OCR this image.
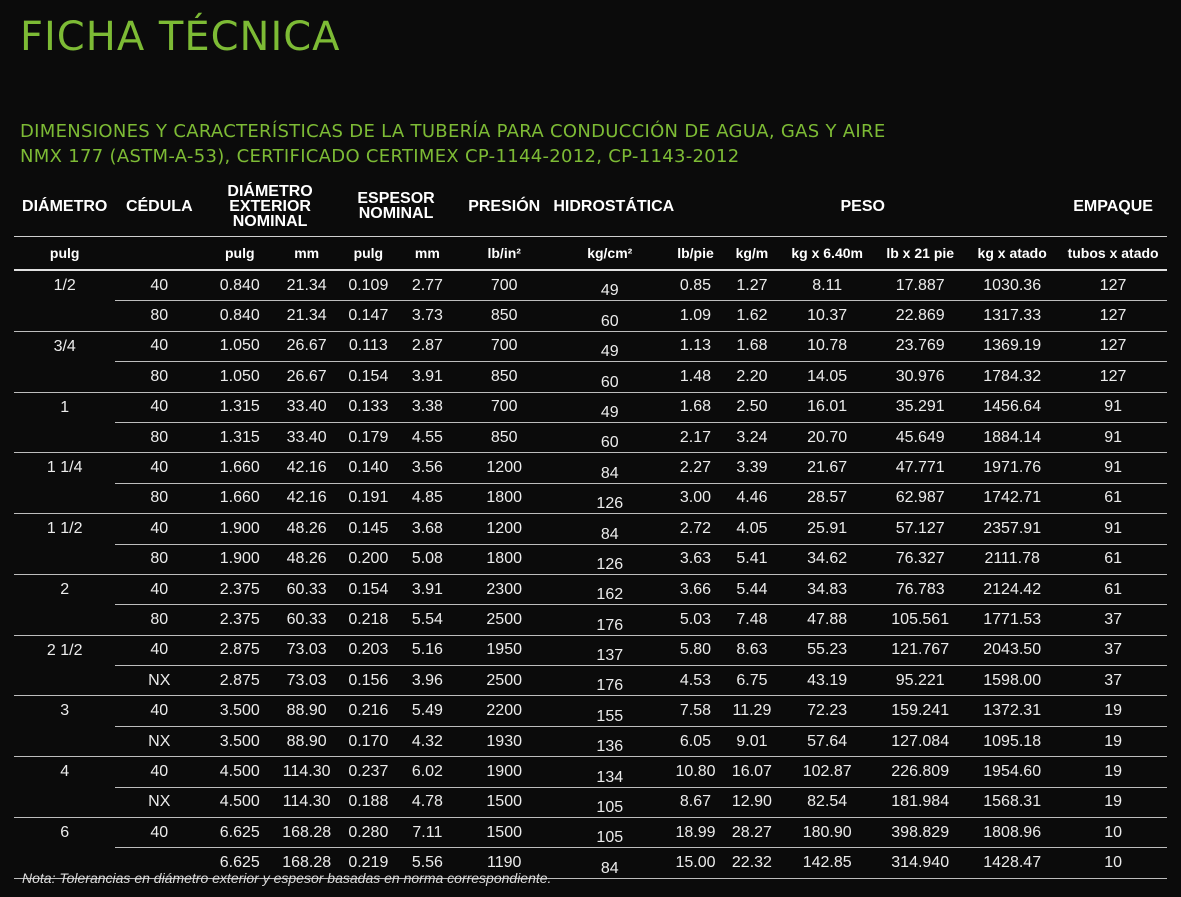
FICHA TÉCNICA
DIMENSIONES Y CARACTERÍSTICAS DE LA TUBERÍA PARA CONDUCCIÓN DE AGUA, GAS Y AIRE
NMX 177 (ASTM-A-53), CERTIFICADO CERTIMEX CP-1144-2012, CP-1143-2012
DIÁMETRO	CÉDULA	DIÁMETRO EXTERIOR NOMINAL		ESPESOR NOMINAL		PRESIÓN	HIDROSTÁTICA	PESO					EMPAQUE
pulg		pulg	mm	pulg	mm	lb/in²	kg/cm²	lb/pie	kg/m	kg x 6.40m	lb x 21 pie	kg x atado	tubos x atado
1/2	40	0.840	21.34	0.109	2.77	700	49	0.85	1.27	8.11	17.887	1030.36	127
	80	0.840	21.34	0.147	3.73	850	60	1.09	1.62	10.37	22.869	1317.33	127
3/4	40	1.050	26.67	0.113	2.87	700	49	1.13	1.68	10.78	23.769	1369.19	127
	80	1.050	26.67	0.154	3.91	850	60	1.48	2.20	14.05	30.976	1784.32	127
1	40	1.315	33.40	0.133	3.38	700	49	1.68	2.50	16.01	35.291	1456.64	91
	80	1.315	33.40	0.179	4.55	850	60	2.17	3.24	20.70	45.649	1884.14	91
1 1/4	40	1.660	42.16	0.140	3.56	1200	84	2.27	3.39	21.67	47.771	1971.76	91
	80	1.660	42.16	0.191	4.85	1800	126	3.00	4.46	28.57	62.987	1742.71	61
1 1/2	40	1.900	48.26	0.145	3.68	1200	84	2.72	4.05	25.91	57.127	2357.91	91
	80	1.900	48.26	0.200	5.08	1800	126	3.63	5.41	34.62	76.327	2111.78	61
2	40	2.375	60.33	0.154	3.91	2300	162	3.66	5.44	34.83	76.783	2124.42	61
	80	2.375	60.33	0.218	5.54	2500	176	5.03	7.48	47.88	105.561	1771.53	37
2 1/2	40	2.875	73.03	0.203	5.16	1950	137	5.80	8.63	55.23	121.767	2043.50	37
	NX	2.875	73.03	0.156	3.96	2500	176	4.53	6.75	43.19	95.221	1598.00	37
3	40	3.500	88.90	0.216	5.49	2200	155	7.58	11.29	72.23	159.241	1372.31	19
	NX	3.500	88.90	0.170	4.32	1930	136	6.05	9.01	57.64	127.084	1095.18	19
4	40	4.500	114.30	0.237	6.02	1900	134	10.80	16.07	102.87	226.809	1954.60	19
	NX	4.500	114.30	0.188	4.78	1500	105	8.67	12.90	82.54	181.984	1568.31	19
6	40	6.625	168.28	0.280	7.11	1500	105	18.99	28.27	180.90	398.829	1808.96	10
		6.625	168.28	0.219	5.56	1190	84	15.00	22.32	142.85	314.940	1428.47	10
Nota: Tolerancias en diámetro exterior y espesor basadas en norma correspondiente.
